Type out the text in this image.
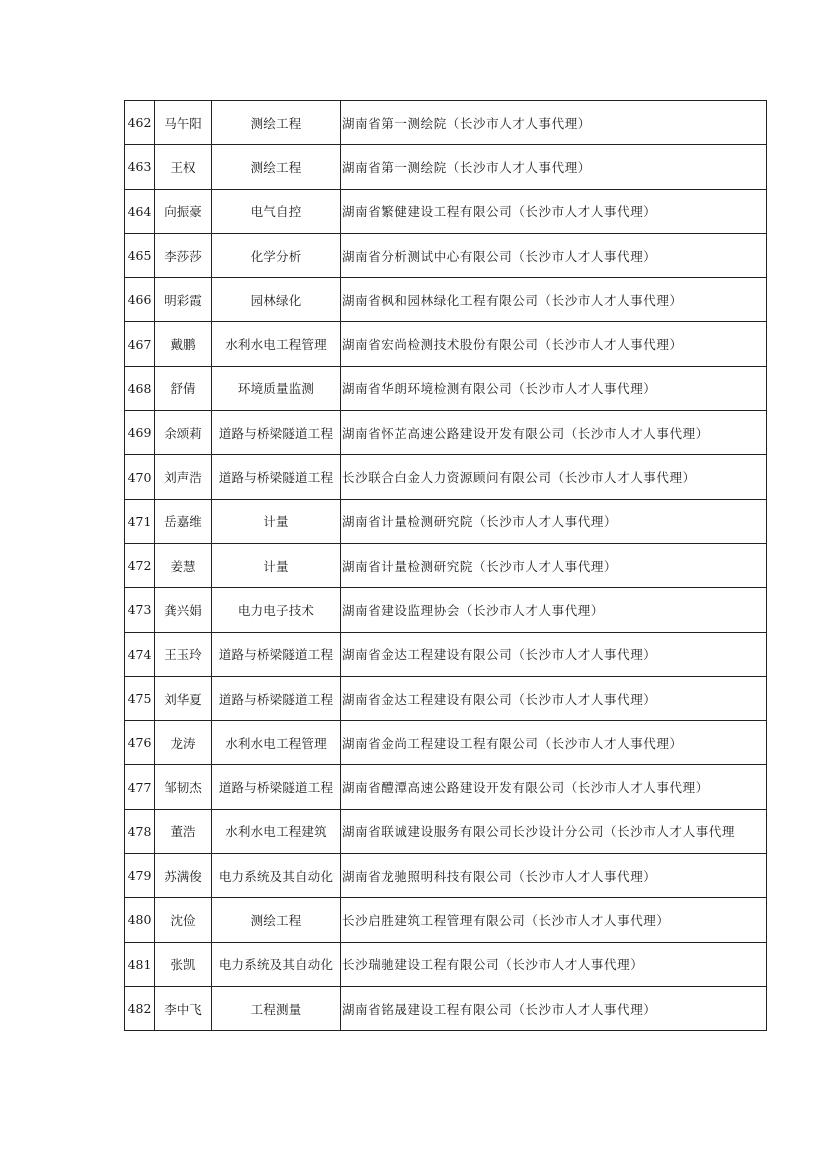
462	马午阳	测绘工程	湖南省第一测绘院（长沙市人才人事代理）
463	王权	测绘工程	湖南省第一测绘院（长沙市人才人事代理）
464	向振豪	电气自控	湖南省繁健建设工程有限公司（长沙市人才人事代理）
465	李莎莎	化学分析	湖南省分析测试中心有限公司（长沙市人才人事代理）
466	明彩霞	园林绿化	湖南省枫和园林绿化工程有限公司（长沙市人才人事代理）
467	戴鹏	水利水电工程管理	湖南省宏尚检测技术股份有限公司（长沙市人才人事代理）
468	舒倩	环境质量监测	湖南省华朗环境检测有限公司（长沙市人才人事代理）
469	余颂莉	道路与桥梁隧道工程	湖南省怀芷高速公路建设开发有限公司（长沙市人才人事代理）
470	刘声浩	道路与桥梁隧道工程	长沙联合白金人力资源顾问有限公司（长沙市人才人事代理）
471	岳嘉维	计量	湖南省计量检测研究院（长沙市人才人事代理）
472	姜慧	计量	湖南省计量检测研究院（长沙市人才人事代理）
473	龚兴娟	电力电子技术	湖南省建设监理协会（长沙市人才人事代理）
474	王玉玲	道路与桥梁隧道工程	湖南省金达工程建设有限公司（长沙市人才人事代理）
475	刘华夏	道路与桥梁隧道工程	湖南省金达工程建设有限公司（长沙市人才人事代理）
476	龙涛	水利水电工程管理	湖南省金尚工程建设工程有限公司（长沙市人才人事代理）
477	邹韧杰	道路与桥梁隧道工程	湖南省醴潭高速公路建设开发有限公司（长沙市人才人事代理）
478	董浩	水利水电工程建筑	湖南省联诚建设服务有限公司长沙设计分公司（长沙市人才人事代理
479	苏满俊	电力系统及其自动化	湖南省龙驰照明科技有限公司（长沙市人才人事代理）
480	沈俭	测绘工程	长沙启胜建筑工程管理有限公司（长沙市人才人事代理）
481	张凯	电力系统及其自动化	长沙瑞驰建设工程有限公司（长沙市人才人事代理）
482	李中飞	工程测量	湖南省铭晟建设工程有限公司（长沙市人才人事代理）
